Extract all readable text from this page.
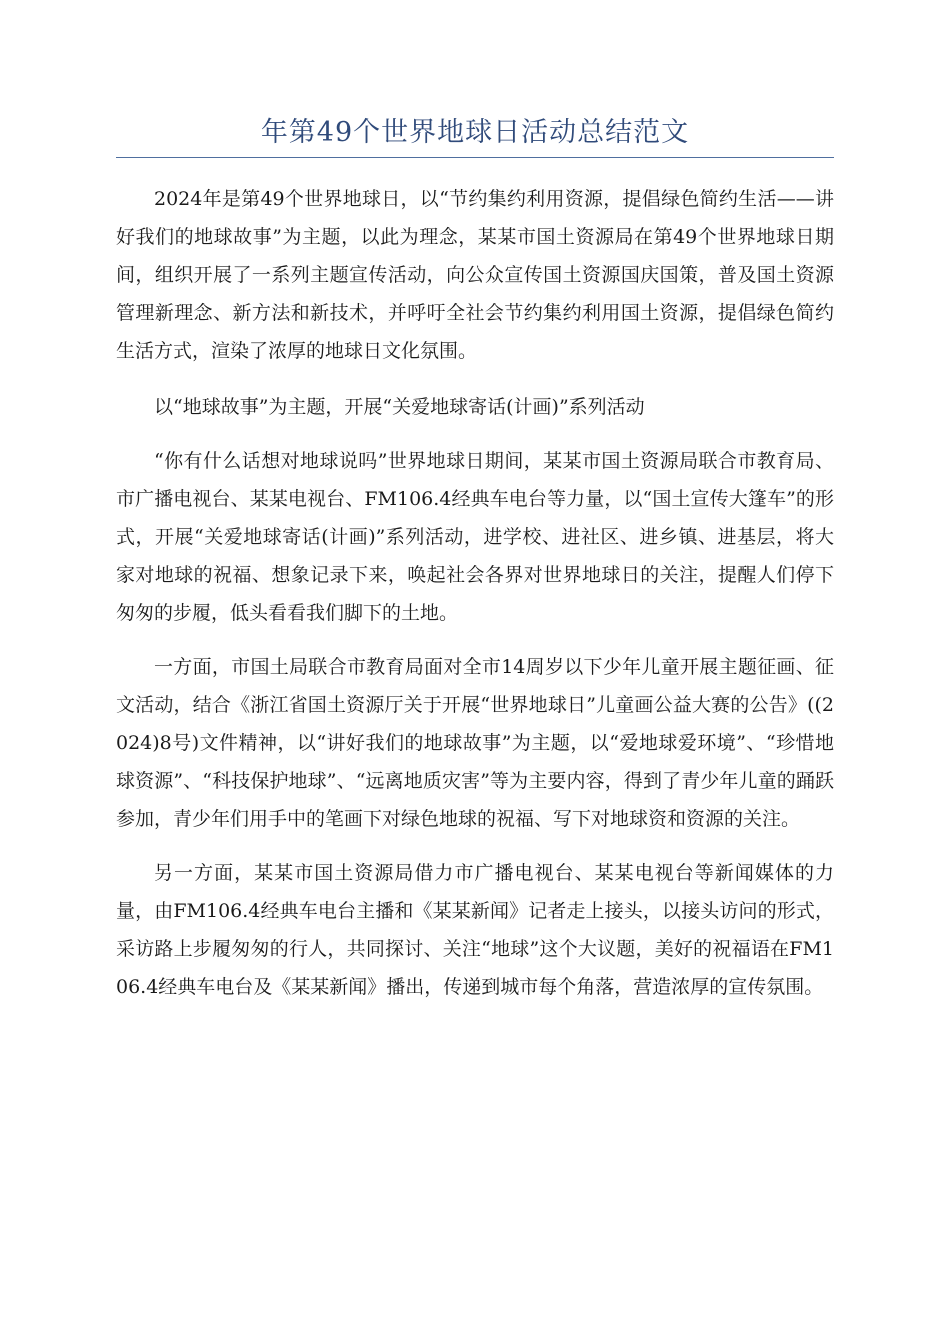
年第49个世界地球日活动总结范文

2024年是第49个世界地球日，以“节约集约利用资源，提倡绿色简约生活——讲好我们的地球故事”为主题，以此为理念，某某市国土资源局在第49个世界地球日期间，组织开展了一系列主题宣传活动，向公众宣传国土资源国庆国策，普及国土资源管理新理念、新方法和新技术，并呼吁全社会节约集约利用国土资源，提倡绿色简约生活方式，渲染了浓厚的地球日文化氛围。

以“地球故事”为主题，开展“关爱地球寄话(计画)”系列活动

“你有什么话想对地球说吗”世界地球日期间，某某市国土资源局联合市教育局、市广播电视台、某某电视台、FM106.4经典车电台等力量，以“国土宣传大篷车”的形式，开展“关爱地球寄话(计画)”系列活动，进学校、进社区、进乡镇、进基层，将大家对地球的祝福、想象记录下来，唤起社会各界对世界地球日的关注，提醒人们停下匆匆的步履，低头看看我们脚下的土地。

一方面，市国土局联合市教育局面对全市14周岁以下少年儿童开展主题征画、征文活动，结合《浙江省国土资源厅关于开展“世界地球日”儿童画公益大赛的公告》((2024)8号)文件精神，以“讲好我们的地球故事”为主题，以“爱地球爱环境”、“珍惜地球资源”、“科技保护地球”、“远离地质灾害”等为主要内容，得到了青少年儿童的踊跃参加，青少年们用手中的笔画下对绿色地球的祝福、写下对地球资和资源的关注。

另一方面，某某市国土资源局借力市广播电视台、某某电视台等新闻媒体的力量，由FM106.4经典车电台主播和《某某新闻》记者走上接头，以接头访问的形式，采访路上步履匆匆的行人，共同探讨、关注“地球”这个大议题，美好的祝福语在FM106.4经典车电台及《某某新闻》播出，传递到城市每个角落，营造浓厚的宣传氛围。
